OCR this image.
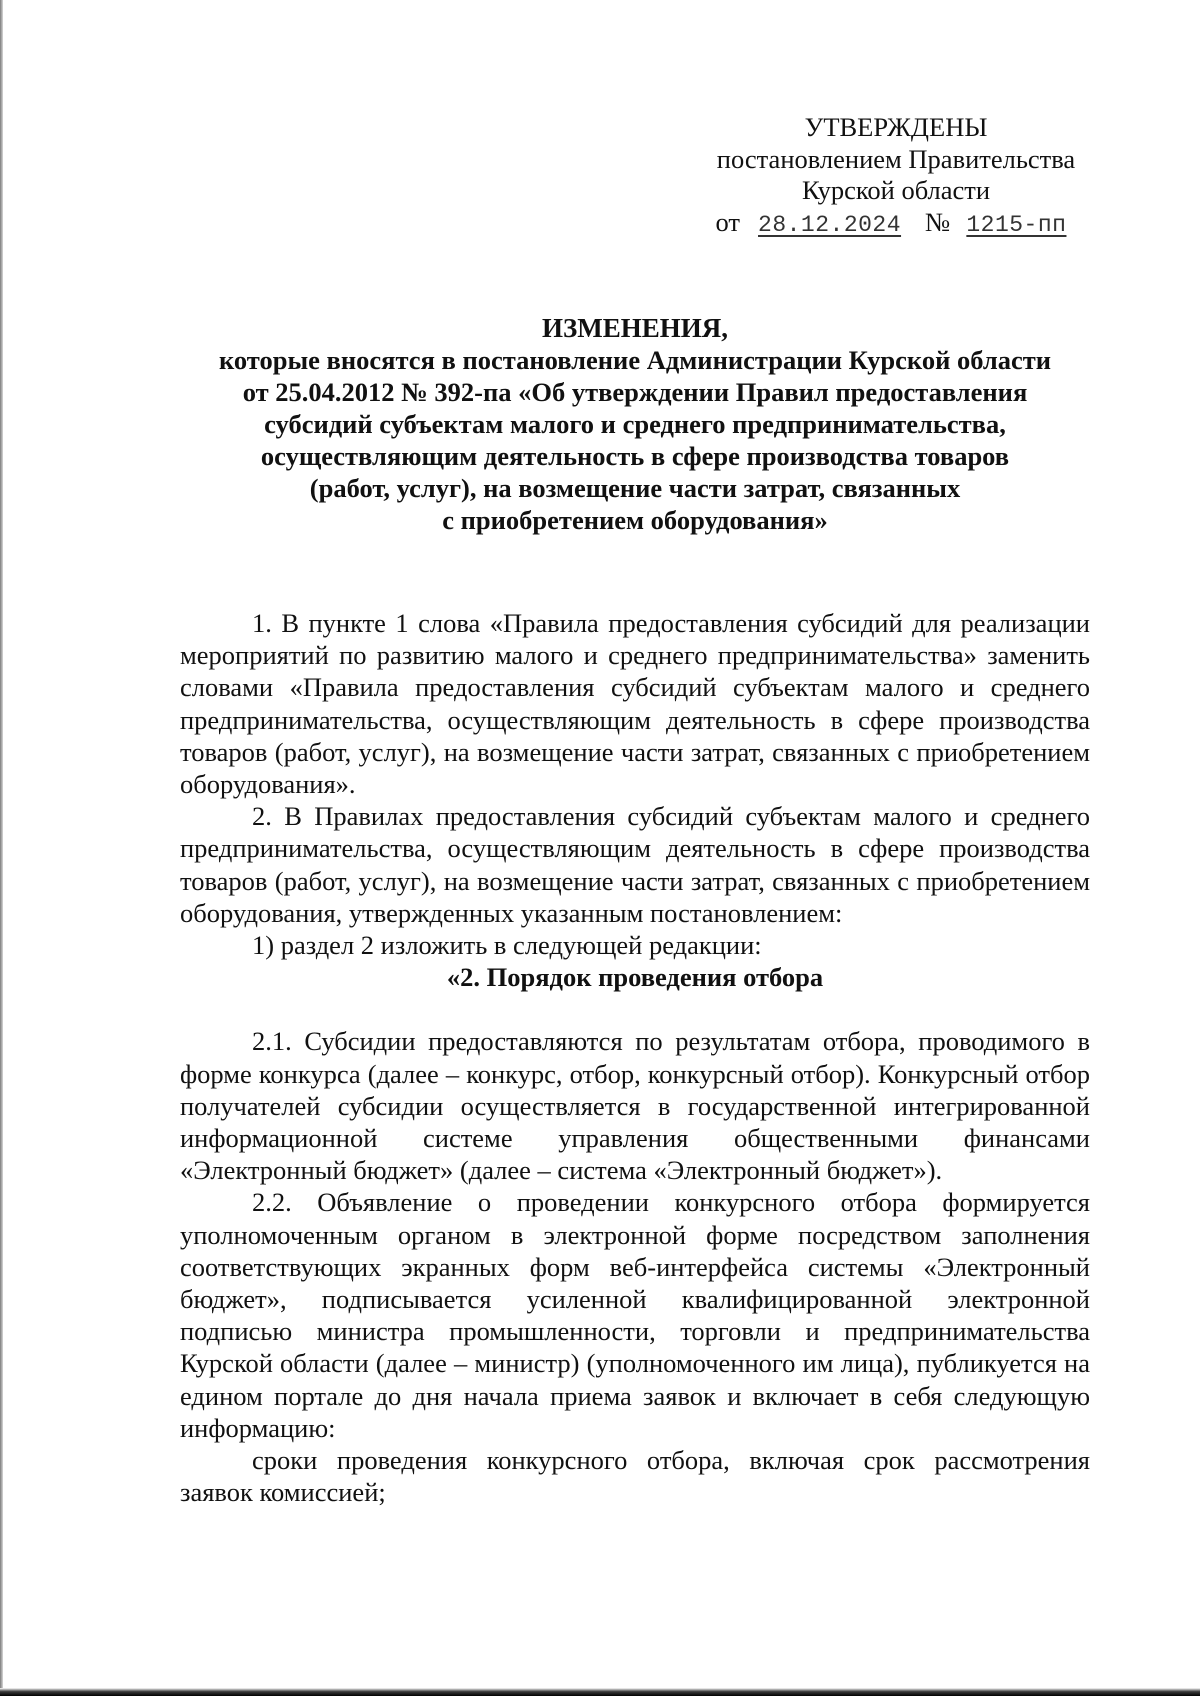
УТВЕРЖДЕНЫ
постановлением Правительства
Курской области
от 28.12.2024 № 1215-пп
ИЗМЕНЕНИЯ,
которые вносятся в постановление Администрации Курской области
от 25.04.2012 № 392-па «Об утверждении Правил предоставления
субсидий субъектам малого и среднего предпринимательства,
осуществляющим деятельность в сфере производства товаров
(работ, услуг), на возмещение части затрат, связанных
с приобретением оборудования»

1. В пункте 1 слова «Правила предоставления субсидий для реализации мероприятий по развитию малого и среднего предпринимательства» заменить словами «Правила предоставления субсидий субъектам малого и среднего предпринимательства, осуществляющим деятельность в сфере производства товаров (работ, услуг), на возмещение части затрат, связанных с приобретением оборудования».

2. В Правилах предоставления субсидий субъектам малого и среднего предпринимательства, осуществляющим деятельность в сфере производства товаров (работ, услуг), на возмещение части затрат, связанных с приобретением оборудования, утвержденных указанным постановлением:

1) раздел 2 изложить в следующей редакции:

«2. Порядок проведения отбора

2.1. Субсидии предоставляются по результатам отбора, проводимого в форме конкурса (далее – конкурс, отбор, конкурсный отбор). Конкурсный отбор получателей субсидии осуществляется в государственной интегрированной информационной системе управления общественными финансами «Электронный бюджет» (далее – система «Электронный бюджет»).

2.2. Объявление о проведении конкурсного отбора формируется уполномоченным органом в электронной форме посредством заполнения соответствующих экранных форм веб-интерфейса системы «Электронный бюджет», подписывается усиленной квалифицированной электронной подписью министра промышленности, торговли и предпринимательства Курской области (далее – министр) (уполномоченного им лица), публикуется на едином портале до дня начала приема заявок и включает в себя следующую информацию:

сроки проведения конкурсного отбора, включая срок рассмотрения заявок комиссией;
